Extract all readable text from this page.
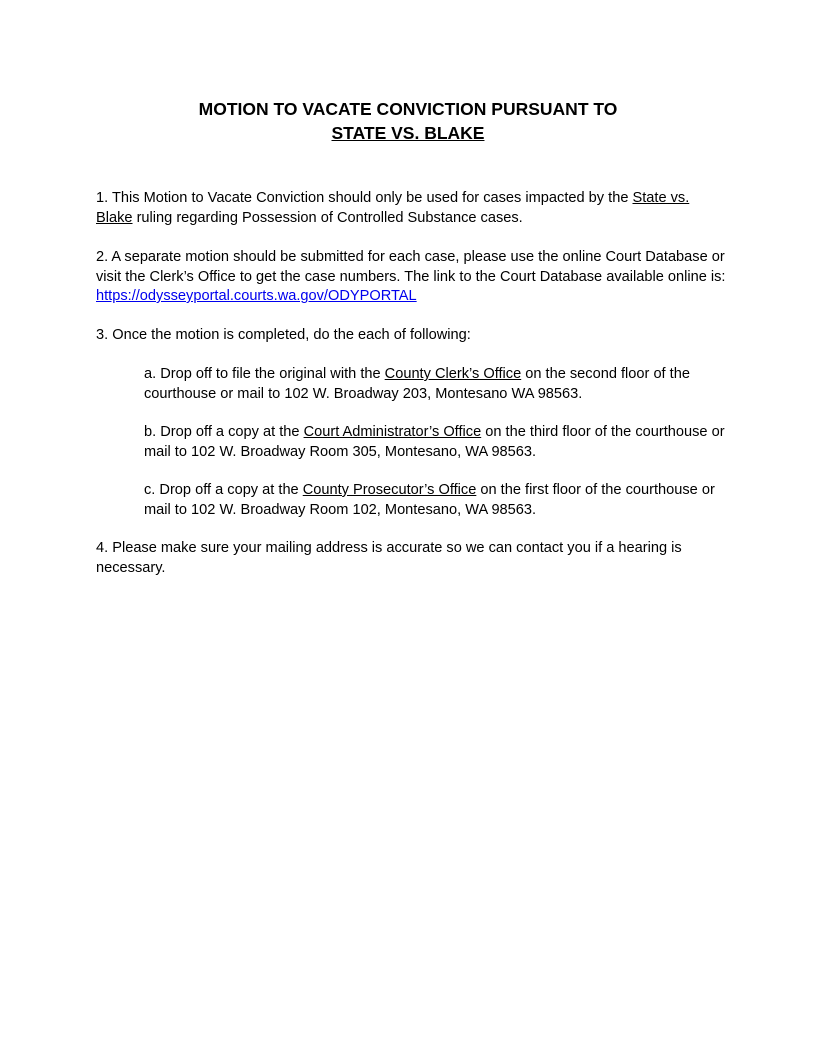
MOTION TO VACATE CONVICTION PURSUANT TO
STATE VS. BLAKE
1. This Motion to Vacate Conviction should only be used for cases impacted by the State vs. Blake ruling regarding Possession of Controlled Substance cases.
2. A separate motion should be submitted for each case, please use the online Court Database or visit the Clerk’s Office to get the case numbers. The link to the Court Database available online is: https://odysseyportal.courts.wa.gov/ODYPORTAL
3. Once the motion is completed, do the each of following:
a. Drop off to file the original with the County Clerk’s Office on the second floor of the courthouse or mail to 102 W. Broadway 203, Montesano WA 98563.
b. Drop off a copy at the Court Administrator’s Office on the third floor of the courthouse or mail to 102 W. Broadway Room 305, Montesano, WA 98563.
c. Drop off a copy at the County Prosecutor’s Office on the first floor of the courthouse or mail to 102 W. Broadway Room 102, Montesano, WA 98563.
4. Please make sure your mailing address is accurate so we can contact you if a hearing is necessary.
